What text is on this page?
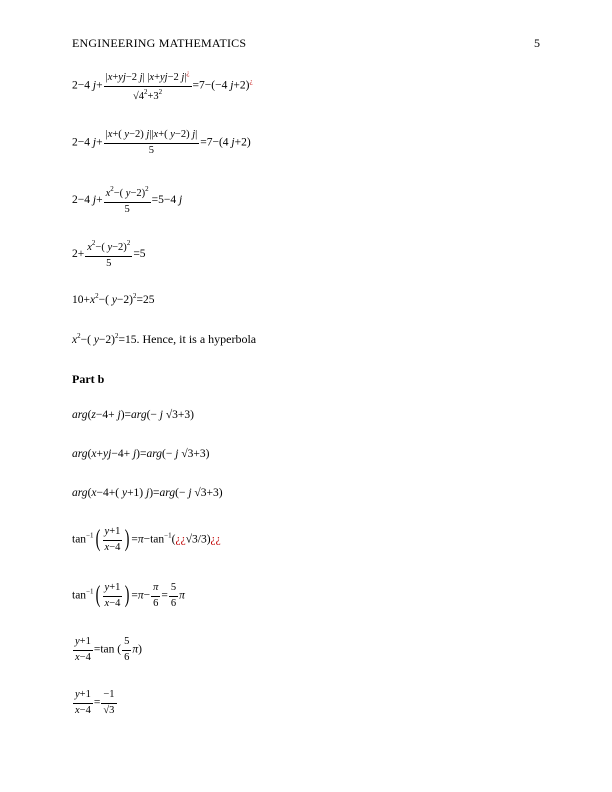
ENGINEERING MATHEMATICS	5
2−4 $j+ \frac{|x+yj-2 j| |x+yj-2 j|^¿}{√4^2+3^2} =7-(-4$ j+2)¿
2−4 $j+ \frac{|x+( y-2) j||x+( y-2) j|}{5} =7-(4$ j+2)
2−4 $j+ \frac{x^2-( y-2)^2}{5} =5-4$ j
$2+ \frac{x^2-( y-2)^2}{5} =5$
$10+x^2-$( y−2)$^2$=25
$x^2-$( y−2)$^2$=15. Hence, it is a hyperbola
Part b
arg(z−4+ j)=arg(− j √3+3)
arg(x+yj−4+ j)=arg(− j √3+3)
arg(x−4+( y+1) j)=arg(− j √3+3)
$\tan^{-1}( \frac{y+1}{x-4}$ ) $=\pi-\tan^{-1}(¿¿√3/3)¿¿$
$\tan^{-1}( \frac{y+1}{x-4}$ ) $=\pi- \frac{\pi}{6} = \frac{5}{6}$ π
$\frac{y+1}{x-4} =\tan$ ( $\frac{5}{6} \pi$)
$\frac{y+1}{x-4} = \frac{-1}{√3}$
